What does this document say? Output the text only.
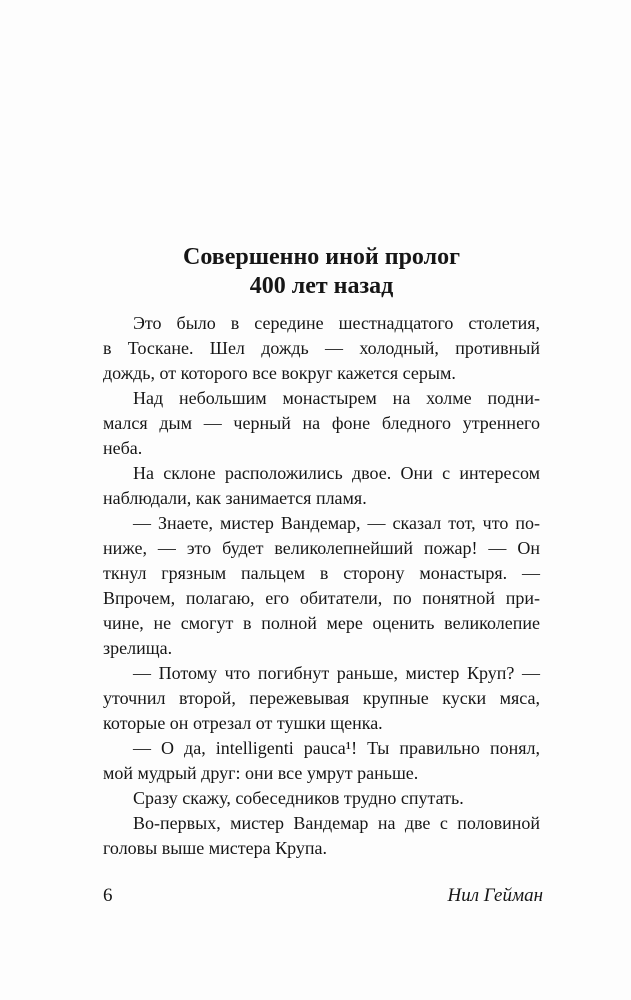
Совершенно иной пролог
400 лет назад

Это было в середине шестнадцатого столетия,
в Тоскане. Шел дождь — холодный, противный
дождь, от которого все вокруг кажется серым.

Над небольшим монастырем на холме подни-
мался дым — черный на фоне бледного утреннего
неба.

На склоне расположились двое. Они с интересом
наблюдали, как занимается пламя.

— Знаете, мистер Вандемар, — сказал тот, что по-
ниже, — это будет великолепнейший пожар! — Он
ткнул грязным пальцем в сторону монастыря. —
Впрочем, полагаю, его обитатели, по понятной при-
чине, не смогут в полной мере оценить великолепие
зрелища.

— Потому что погибнут раньше, мистер Круп? —
уточнил второй, пережевывая крупные куски мяса,
которые он отрезал от тушки щенка.

— О да, intelligenti pauca¹! Ты правильно понял,
мой мудрый друг: они все умрут раньше.

Сразу скажу, собеседников трудно спутать.

Во-первых, мистер Вандемар на две с половиной
головы выше мистера Крупа.

6	Нил Гейман
